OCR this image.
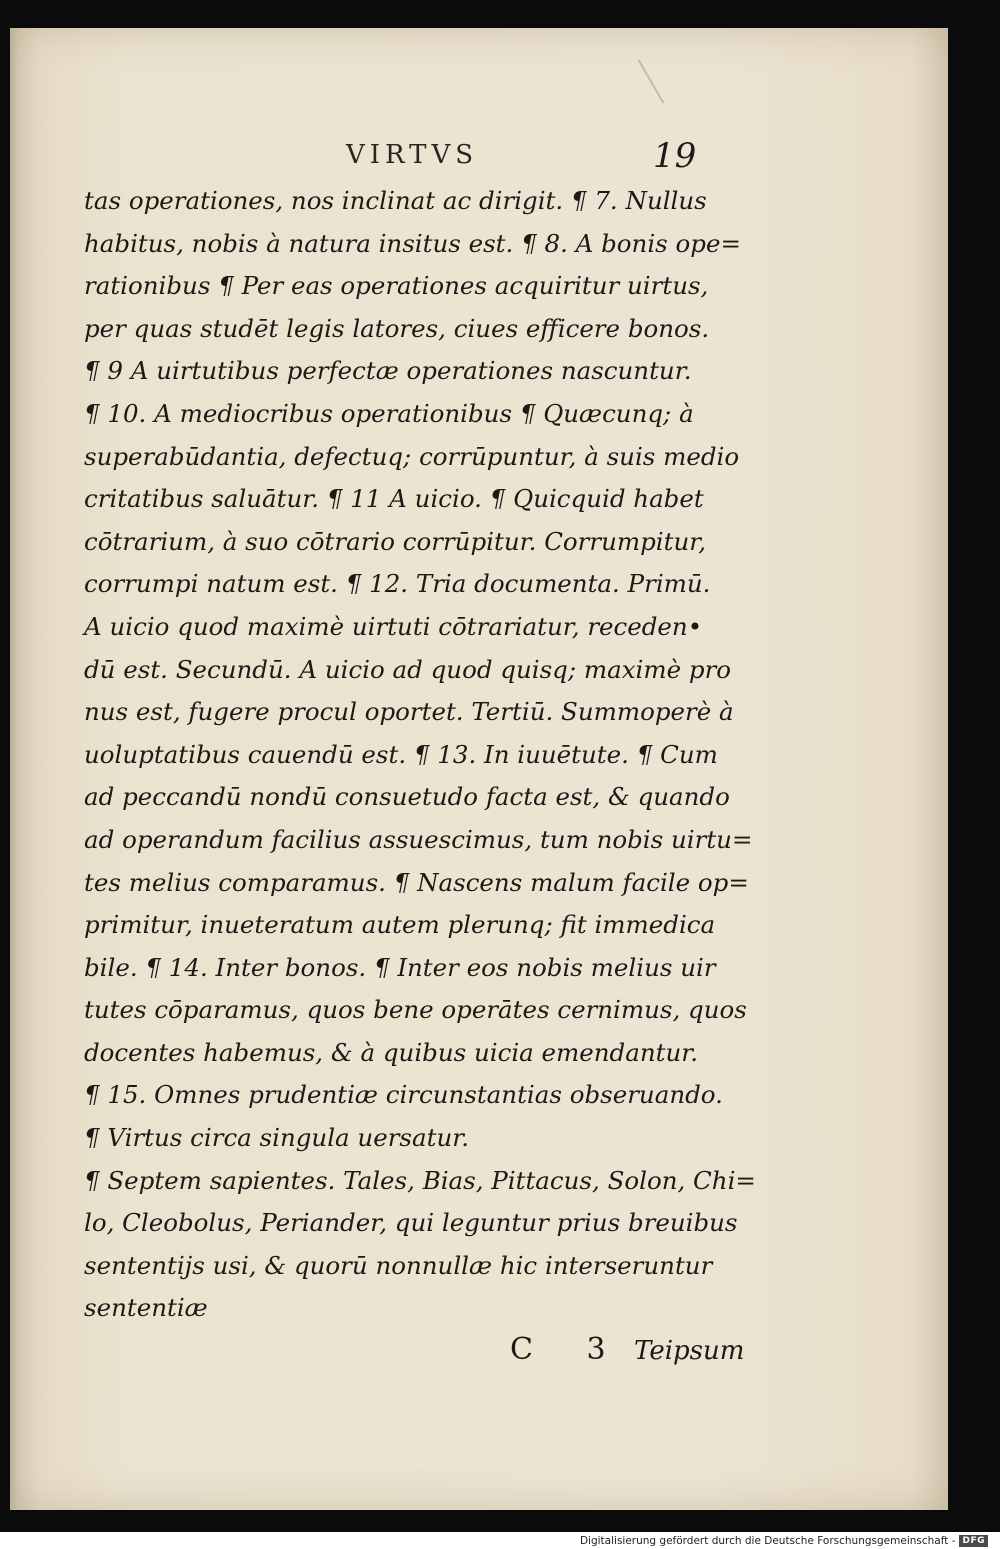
VIRTVS	19
tas operationes, nos inclinat ac dirigit. ¶ 7. Nullus
habitus, nobis à natura insitus est. ¶ 8. A bonis ope=
rationibus ¶ Per eas operationes acquiritur uirtus,
per quas studēt legis latores, ciues efficere bonos.
¶ 9 A uirtutibus perfectæ operationes nascuntur.
¶ 10. A mediocribus operationibus ¶ Quæcunq; à
superabūdantia, defectuq; corrūpuntur, à suis medio
critatibus saluātur. ¶ 11 A uicio. ¶ Quicquid habet
cōtrarium, à suo cōtrario corrūpitur. Corrumpitur,
corrumpi natum est. ¶ 12. Tria documenta. Primū.
A uicio quod maximè uirtuti cōtrariatur, receden•
dū est. Secundū. A uicio ad quod quisq; maximè pro
nus est, fugere procul oportet. Tertiū. Summoperè à
uoluptatibus cauendū est. ¶ 13. In iuuētute. ¶ Cum
ad peccandū nondū consuetudo facta est, & quando
ad operandum facilius assuescimus, tum nobis uirtu=
tes melius comparamus. ¶ Nascens malum facile op=
primitur, inueteratum autem plerunq; fit immedica
bile. ¶ 14. Inter bonos. ¶ Inter eos nobis melius uir
tutes cōparamus, quos bene operātes cernimus, quos
docentes habemus, & à quibus uicia emendantur.
¶ 15. Omnes prudentiæ circunstantias obseruando.
¶ Virtus circa singula uersatur.
¶ Septem sapientes. Tales, Bias, Pittacus, Solon, Chi=
lo, Cleobolus, Periander, qui leguntur prius breuibus
sententijs usi, & quorū nonnullæ hic interseruntur
sententiæ
C 3 Teipsum
Digitalisierung gefördert durch die Deutsche Forschungsgemeinschaft - DFG
